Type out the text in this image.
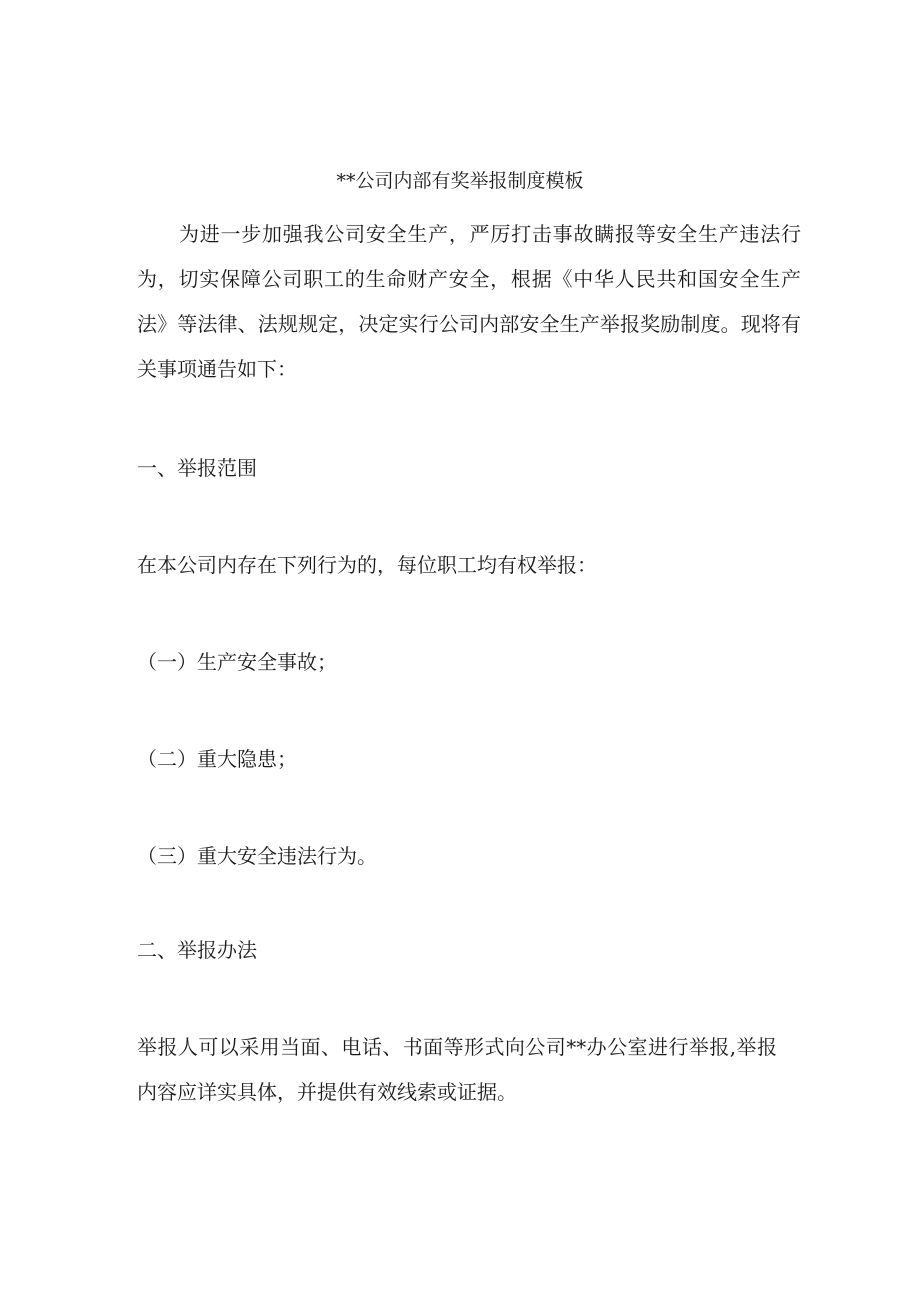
**公司内部有奖举报制度模板

为进一步加强我公司安全生产，严厉打击事故瞒报等安全生产违法行为，切实保障公司职工的生命财产安全，根据《中华人民共和国安全生产法》等法律、法规规定，决定实行公司内部安全生产举报奖励制度。现将有关事项通告如下：

一、举报范围

在本公司内存在下列行为的，每位职工均有权举报：

（一）生产安全事故；

（二）重大隐患；

（三）重大安全违法行为。

二、举报办法

举报人可以采用当面、电话、书面等形式向公司**办公室进行举报,举报内容应详实具体，并提供有效线索或证据。
